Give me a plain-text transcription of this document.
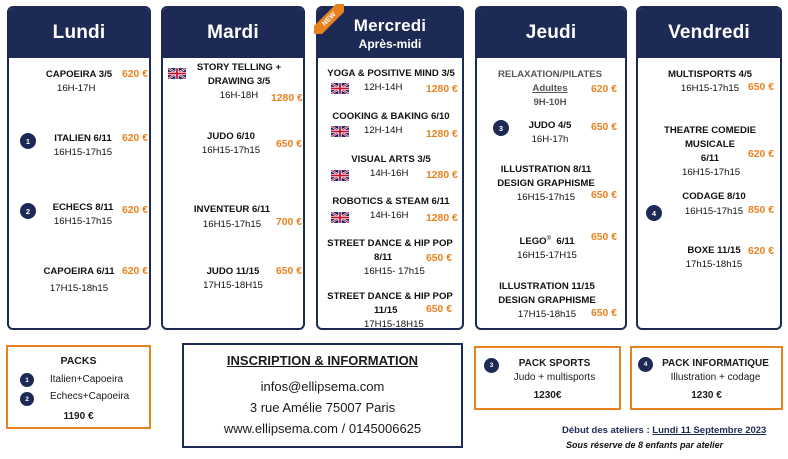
Lundi
CAPOEIRA 3/5
16H-17H
620 €
1	ITALIEN 6/11
16H15-17h15
620 €
2	ECHECS 8/11
16H15-17h15
620 €
CAPOEIRA 6/11
17H15-18h15
620 €
Mardi
STORY TELLING +
DRAWING 3/5
16H-18H	1280 €
JUDO 6/10
16H15-17h15
650 €
INVENTEUR 6/11
16H15-17h15	700 €
JUDO 11/15
17H15-18H15
650 €
Mercredi
Après-midi
YOGA & POSITIVE MIND 3/5
12H-14H 1280 €
COOKING & BAKING 6/10
12H-14H 1280 €
VISUAL ARTS 3/5
14H-16H 1280 €
ROBOTICS & STEAM 6/11
14H-16H 1280 €
STREET DANCE & HIP POP
8/11
16H15- 17h15
650 €
STREET DANCE & HIP POP
11/15
17H15-18H15
650 €
NEW
Jeudi
RELAXATION/PILATES
Adultes
9H-10H
620 €
3	JUDO 4/5
16H-17h
650 €
ILLUSTRATION 8/11
DESIGN GRAPHISME
16H15-17h15	650 €
LEGO®  6/11
16H15-17H15
650 €
ILLUSTRATION 11/15
DESIGN GRAPHISME
17H15-18h15	650 €
Vendredi
MULTISPORTS 4/5
16H15-17h15 650 €
THEATRE COMEDIE MUSICALE
6/11
16H15-17h15
620 €
4
CODAGE 8/10
16H15-17h15 850 €
BOXE 11/15
17h15-18h15
620 €
PACKS
1	Italien+Capoeira
2	Echecs+Capoeira
1190 €
INSCRIPTION & INFORMATION
infos@ellipsema.com
3 rue Amélie 75007 Paris
www.ellipsema.com / 0145006625
3	PACK SPORTS
Judo + multisports
1230€
4	PACK INFORMATIQUE
Illustration + codage
1230 €
Début des ateliers : Lundi 11 Septembre 2023
Sous réserve de 8 enfants par atelier
